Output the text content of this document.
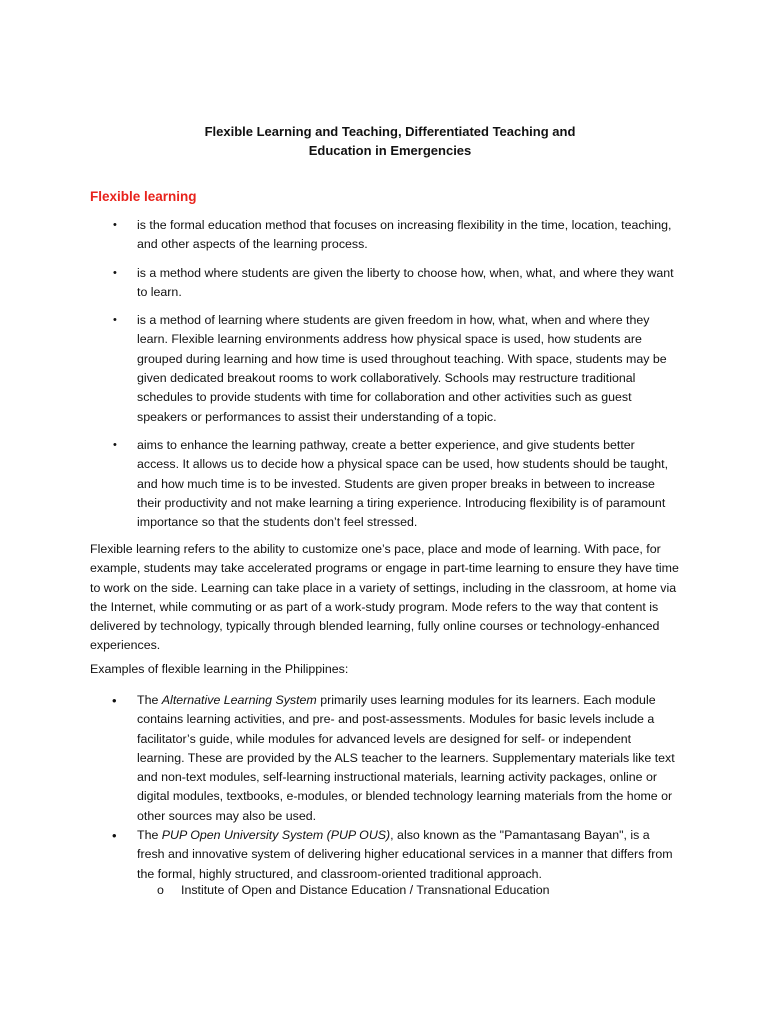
Flexible Learning and Teaching, Differentiated Teaching and
Education in Emergencies
Flexible learning
• is the formal education method that focuses on increasing flexibility in the time, location, teaching, and other aspects of the learning process.
• is a method where students are given the liberty to choose how, when, what, and where they want to learn.
• is a method of learning where students are given freedom in how, what, when and where they learn. Flexible learning environments address how physical space is used, how students are grouped during learning and how time is used throughout teaching. With space, students may be given dedicated breakout rooms to work collaboratively. Schools may restructure traditional schedules to provide students with time for collaboration and other activities such as guest speakers or performances to assist their understanding of a topic.
• aims to enhance the learning pathway, create a better experience, and give students better access. It allows us to decide how a physical space can be used, how students should be taught, and how much time is to be invested. Students are given proper breaks in between to increase their productivity and not make learning a tiring experience. Introducing flexibility is of paramount importance so that the students don’t feel stressed.

Flexible learning refers to the ability to customize one’s pace, place and mode of learning. With pace, for example, students may take accelerated programs or engage in part-time learning to ensure they have time to work on the side. Learning can take place in a variety of settings, including in the classroom, at home via the Internet, while commuting or as part of a work-study program. Mode refers to the way that content is delivered by technology, typically through blended learning, fully online courses or technology-enhanced experiences.

Examples of flexible learning in the Philippines:

• The Alternative Learning System primarily uses learning modules for its learners. Each module contains learning activities, and pre- and post-assessments. Modules for basic levels include a facilitator’s guide, while modules for advanced levels are designed for self- or independent learning. These are provided by the ALS teacher to the learners. Supplementary materials like text and non-text modules, self-learning instructional materials, learning activity packages, online or digital modules, textbooks, e-modules, or blended technology learning materials from the home or other sources may also be used.
• The PUP Open University System (PUP OUS), also known as the "Pamantasang Bayan", is a fresh and innovative system of delivering higher educational services in a manner that differs from the formal, highly structured, and classroom-oriented traditional approach.
o Institute of Open and Distance Education / Transnational Education
